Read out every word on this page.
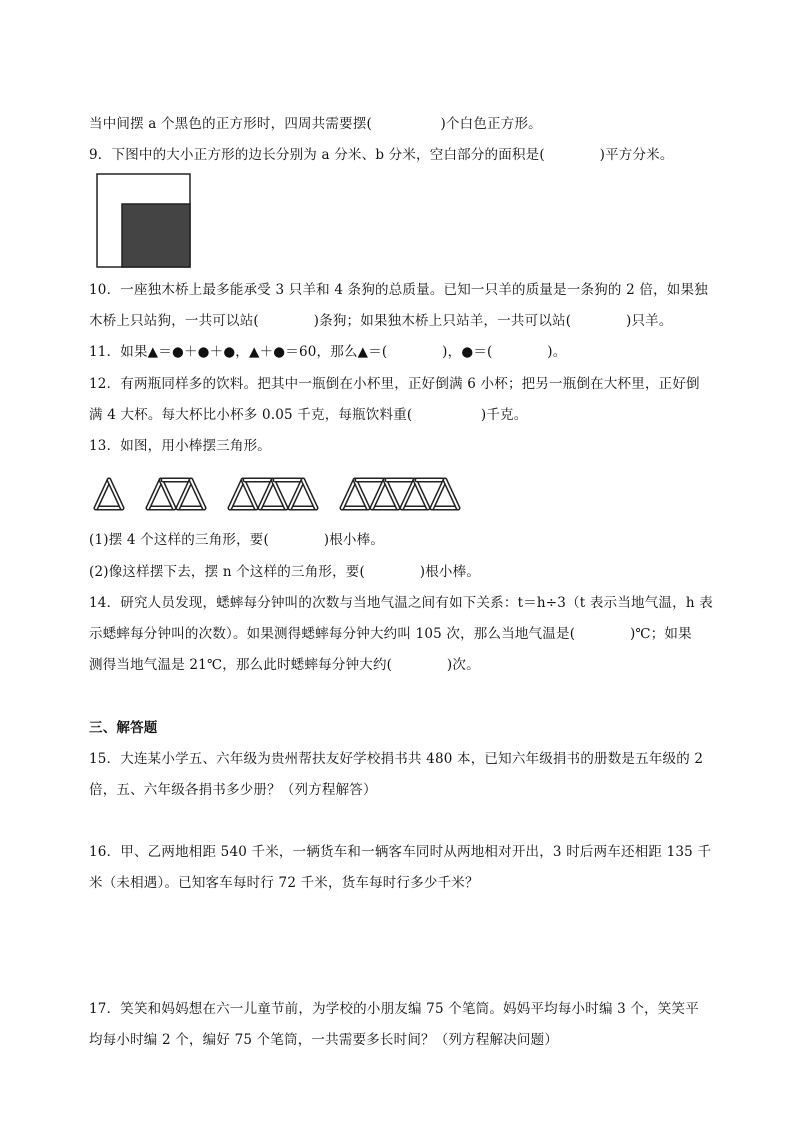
当中间摆 a 个黑色的正方形时，四周共需要摆(　　　　　)个白色正方形。
9．下图中的大小正方形的边长分别为 a 分米、b 分米，空白部分的面积是(　　　　)平方分米。
10．一座独木桥上最多能承受 3 只羊和 4 条狗的总质量。已知一只羊的质量是一条狗的 2 倍，如果独
木桥上只站狗，一共可以站(　　　　)条狗；如果独木桥上只站羊，一共可以站(　　　　)只羊。
11．如果▲＝●＋●＋●，▲＋●＝60，那么▲＝(　　　　)，●＝(　　　　)。
12．有两瓶同样多的饮料。把其中一瓶倒在小杯里，正好倒满 6 小杯；把另一瓶倒在大杯里，正好倒
满 4 大杯。每大杯比小杯多 0.05 千克，每瓶饮料重(　　　　　)千克。
13．如图，用小棒摆三角形。
(1)摆 4 个这样的三角形，要(　　　　)根小棒。
(2)像这样摆下去，摆 n 个这样的三角形，要(　　　　)根小棒。
14．研究人员发现，蟋蟀每分钟叫的次数与当地气温之间有如下关系：t＝h÷3（t 表示当地气温，h 表
示蟋蟀每分钟叫的次数）。如果测得蟋蟀每分钟大约叫 105 次，那么当地气温是(　　　　)℃；如果
测得当地气温是 21℃，那么此时蟋蟀每分钟大约(　　　　)次。
三、解答题
15．大连某小学五、六年级为贵州帮扶友好学校捐书共 480 本，已知六年级捐书的册数是五年级的 2
倍，五、六年级各捐书多少册？（列方程解答）
16．甲、乙两地相距 540 千米，一辆货车和一辆客车同时从两地相对开出，3 时后两车还相距 135 千
米（未相遇）。已知客车每时行 72 千米，货车每时行多少千米？
17．笑笑和妈妈想在六一儿童节前，为学校的小朋友编 75 个笔筒。妈妈平均每小时编 3 个，笑笑平
均每小时编 2 个，编好 75 个笔筒，一共需要多长时间？（列方程解决问题）
